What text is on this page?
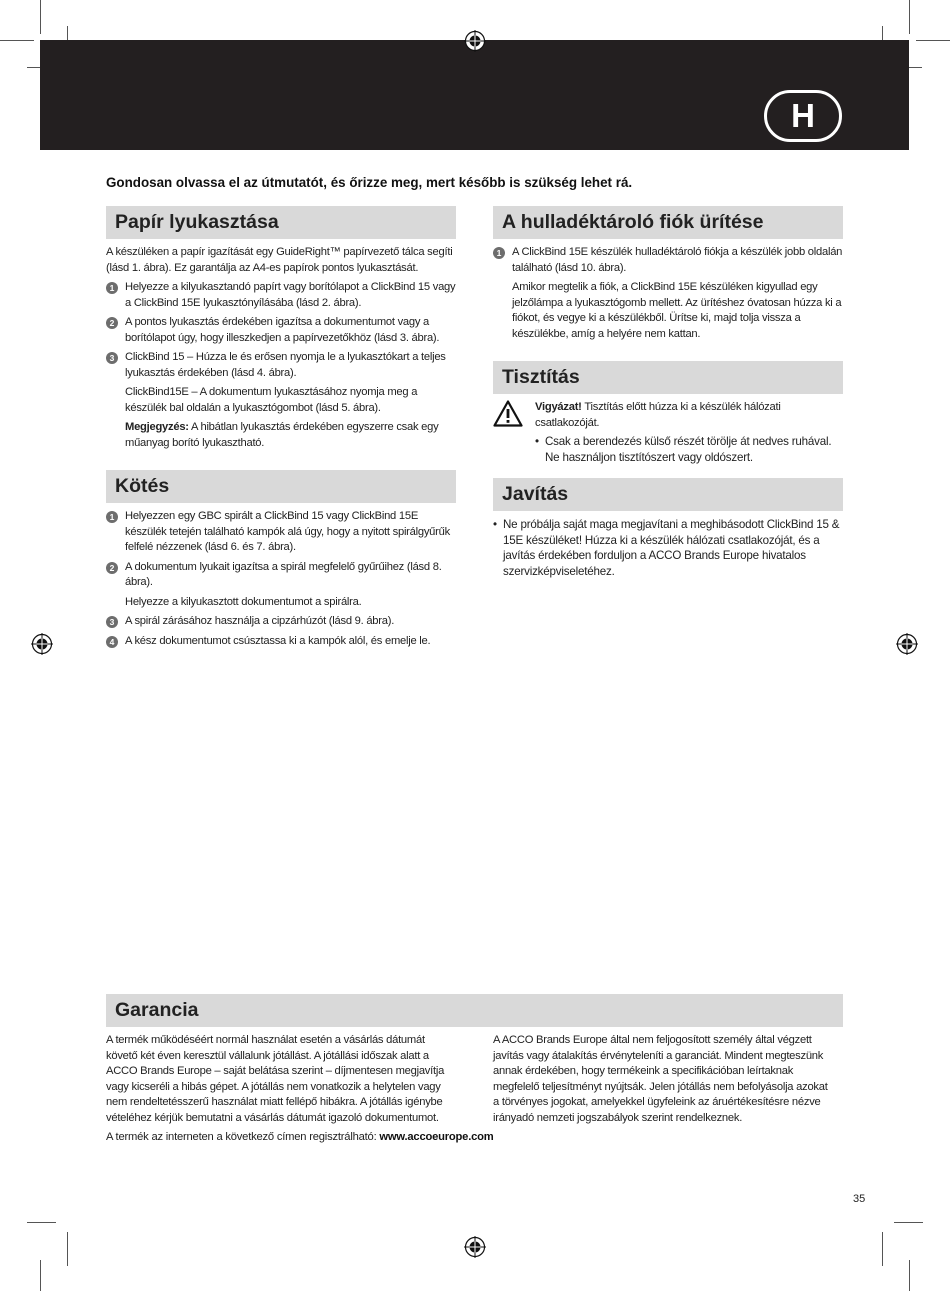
H
Gondosan olvassa el az útmutatót, és őrizze meg, mert később is szükség lehet rá.
Papír lyukasztása

A készüléken a papír igazítását egy GuideRight™ papírvezető tálca segíti (lásd 1. ábra). Ez garantálja az A4-es papírok pontos lyukasztását.

1 Helyezze a kilyukasztandó papírt vagy borítólapot a ClickBind 15 vagy a ClickBind 15E lyukasztónyílásába (lásd 2. ábra).
2 A pontos lyukasztás érdekében igazítsa a dokumentumot vagy a borítólapot úgy, hogy illeszkedjen a papírvezetőkhöz (lásd 3. ábra).
3 ClickBind 15 – Húzza le és erősen nyomja le a lyukasztókart a teljes lyukasztás érdekében (lásd 4. ábra).

ClickBind15E – A dokumentum lyukasztásához nyomja meg a készülék bal oldalán a lyukasztógombot (lásd 5. ábra).

Megjegyzés: A hibátlan lyukasztás érdekében egyszerre csak egy műanyag borító lyukasztható.

Kötés
1 Helyezzen egy GBC spirált a ClickBind 15 vagy ClickBind 15E készülék tetején található kampók alá úgy, hogy a nyitott spirálgyűrűk felfelé nézzenek (lásd 6. és 7. ábra).
2 A dokumentum lyukait igazítsa a spirál megfelelő gyűrűihez (lásd 8. ábra).

Helyezze a kilyukasztott dokumentumot a spirálra.

3 A spirál zárásához használja a cipzárhúzót (lásd 9. ábra).
4 A kész dokumentumot csúsztassa ki a kampók alól, és emelje le.
A hulladéktároló fiók ürítése
1 A ClickBind 15E készülék hulladéktároló fiókja a készülék jobb oldalán található (lásd 10. ábra).

Amikor megtelik a fiók, a ClickBind 15E készüléken kigyullad egy jelzőlámpa a lyukasztógomb mellett. Az ürítéshez óvatosan húzza ki a fiókot, és vegye ki a készülékből. Ürítse ki, majd tolja vissza a készülékbe, amíg a helyére nem kattan.

Tisztítás

Vigyázat! Tisztítás előtt húzza ki a készülék hálózati csatlakozóját.

• Csak a berendezés külső részét törölje át nedves ruhával. Ne használjon tisztítószert vagy oldószert.
Javítás
• Ne próbálja saját maga megjavítani a meghibásodott ClickBind 15 & 15E készüléket! Húzza ki a készülék hálózati csatlakozóját, és a javítás érdekében forduljon a ACCO Brands Europe hivatalos szervizképviseletéhez.
Garancia
A termék működéséért normál használat esetén a vásárlás dátumát követő két éven keresztül vállalunk jótállást. A jótállási időszak alatt a ACCO Brands Europe – saját belátása szerint – díjmentesen megjavítja vagy kicseréli a hibás gépet. A jótállás nem vonatkozik a helytelen vagy nem rendeltetésszerű használat miatt fellépő hibákra. A jótállás igénybe vételéhez kérjük bemutatni a vásárlás dátumát igazoló dokumentumot.
A ACCO Brands Europe által nem feljogosított személy által végzett javítás vagy átalakítás érvényteleníti a garanciát. Mindent megteszünk annak érdekében, hogy termékeink a specifikációban leírtaknak megfelelő teljesítményt nyújtsák. Jelen jótállás nem befolyásolja azokat a törvényes jogokat, amelyekkel ügyfeleink az áruértékesítésre nézve irányadó nemzeti jogszabályok szerint rendelkeznek.
A termék az interneten a következő címen regisztrálható: www.accoeurope.com
35
